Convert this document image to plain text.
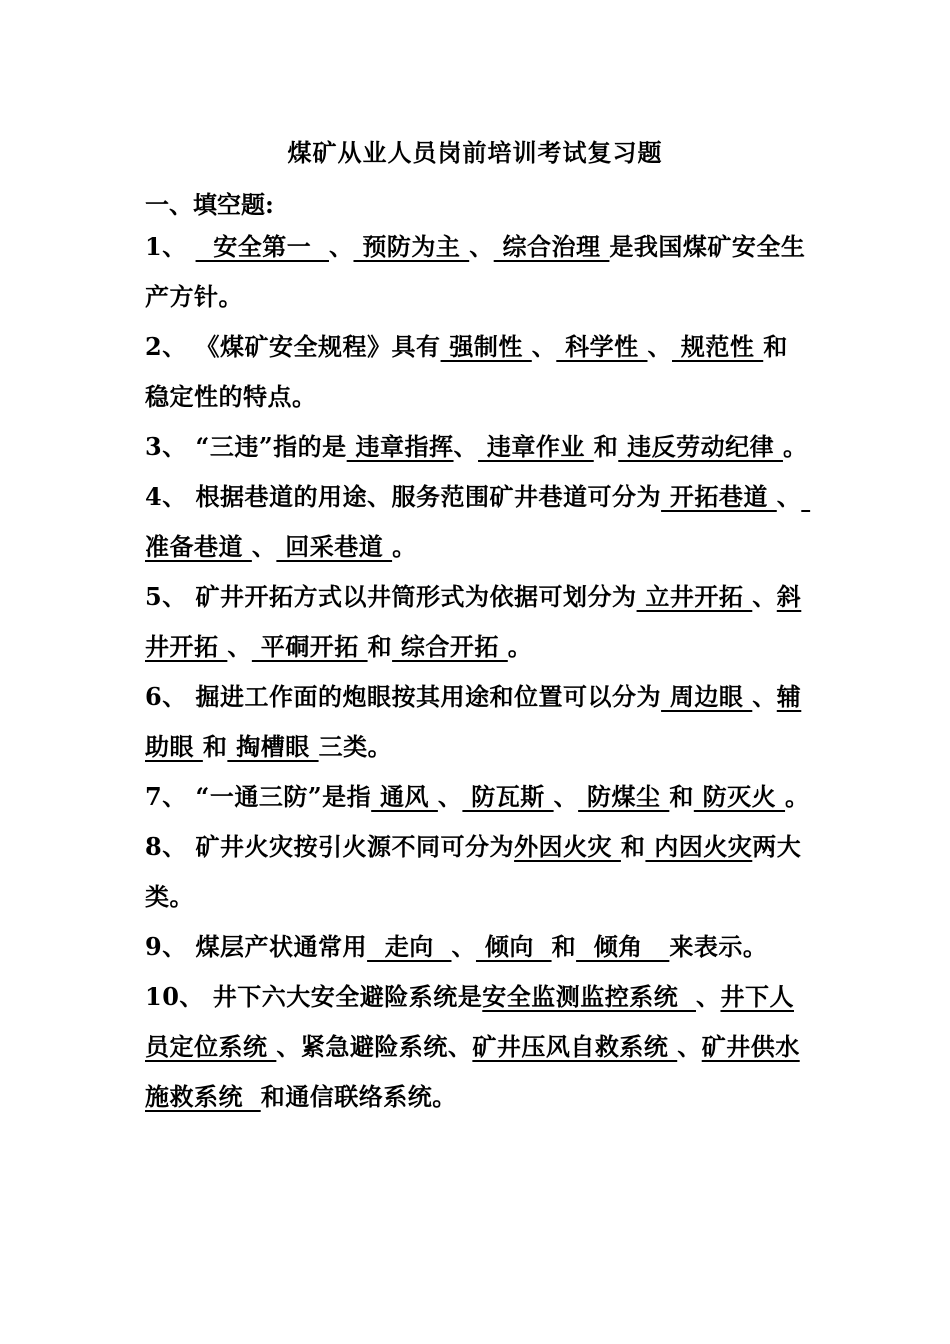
煤矿从业人员岗前培训考试复习题
一、填空题:
1、   安全第一  、 预防为主 、 综合治理 是我国煤矿安全生产方针。
2、 《煤矿安全规程》具有 强制性 、 科学性 、 规范性 和稳定性的特点。
3、 “三违”指的是 违章指挥、 违章作业 和 违反劳动纪律 。
4、 根据巷道的用途、服务范围矿井巷道可分为 开拓巷道 、 准备巷道 、 回采巷道 。
5、 矿井开拓方式以井筒形式为依据可划分为 立井开拓 、斜井开拓 、 平硐开拓 和 综合开拓 。
6、 掘进工作面的炮眼按其用途和位置可以分为 周边眼 、辅助眼 和 掏槽眼 三类。
7、 “一通三防”是指 通风 、 防瓦斯 、 防煤尘 和 防灭火 。
8、 矿井火灾按引火源不同可分为外因火灾 和 内因火灾两大类。
9、 煤层产状通常用  走向  、 倾向  和  倾角   来表示。
10、 井下六大安全避险系统是安全监测监控系统  、井下人员定位系统 、紧急避险系统、矿井压风自救系统 、矿井供水施救系统  和通信联络系统。
